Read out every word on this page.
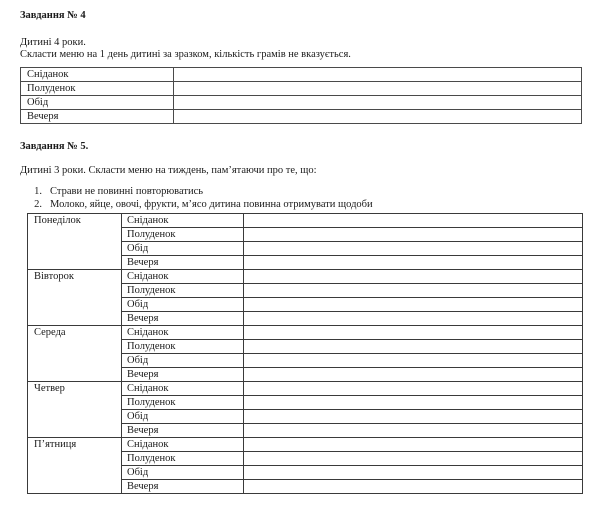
Завдання № 4
Дитині 4 роки.
Скласти меню на 1 день дитині за зразком, кількість грамів не вказується.
Сніданок	
Полуденок	
Обід	
Вечеря	
Завдання № 5.
Дитині 3 роки. Скласти меню на тиждень, пам’ятаючи про те, що:
1. Страви не повинні повторюватись
2. Молоко, яйце, овочі, фрукти, м’ясо дитина повинна отримувати щодоби
Понеділок	Сніданок	
	Полуденок	
	Обід	
	Вечеря	
Вівторок	Сніданок	
	Полуденок	
	Обід	
	Вечеря	
Середа	Сніданок	
	Полуденок	
	Обід	
	Вечеря	
Четвер	Сніданок	
	Полуденок	
	Обід	
	Вечеря	
П’ятниця	Сніданок	
	Полуденок	
	Обід	
	Вечеря	
